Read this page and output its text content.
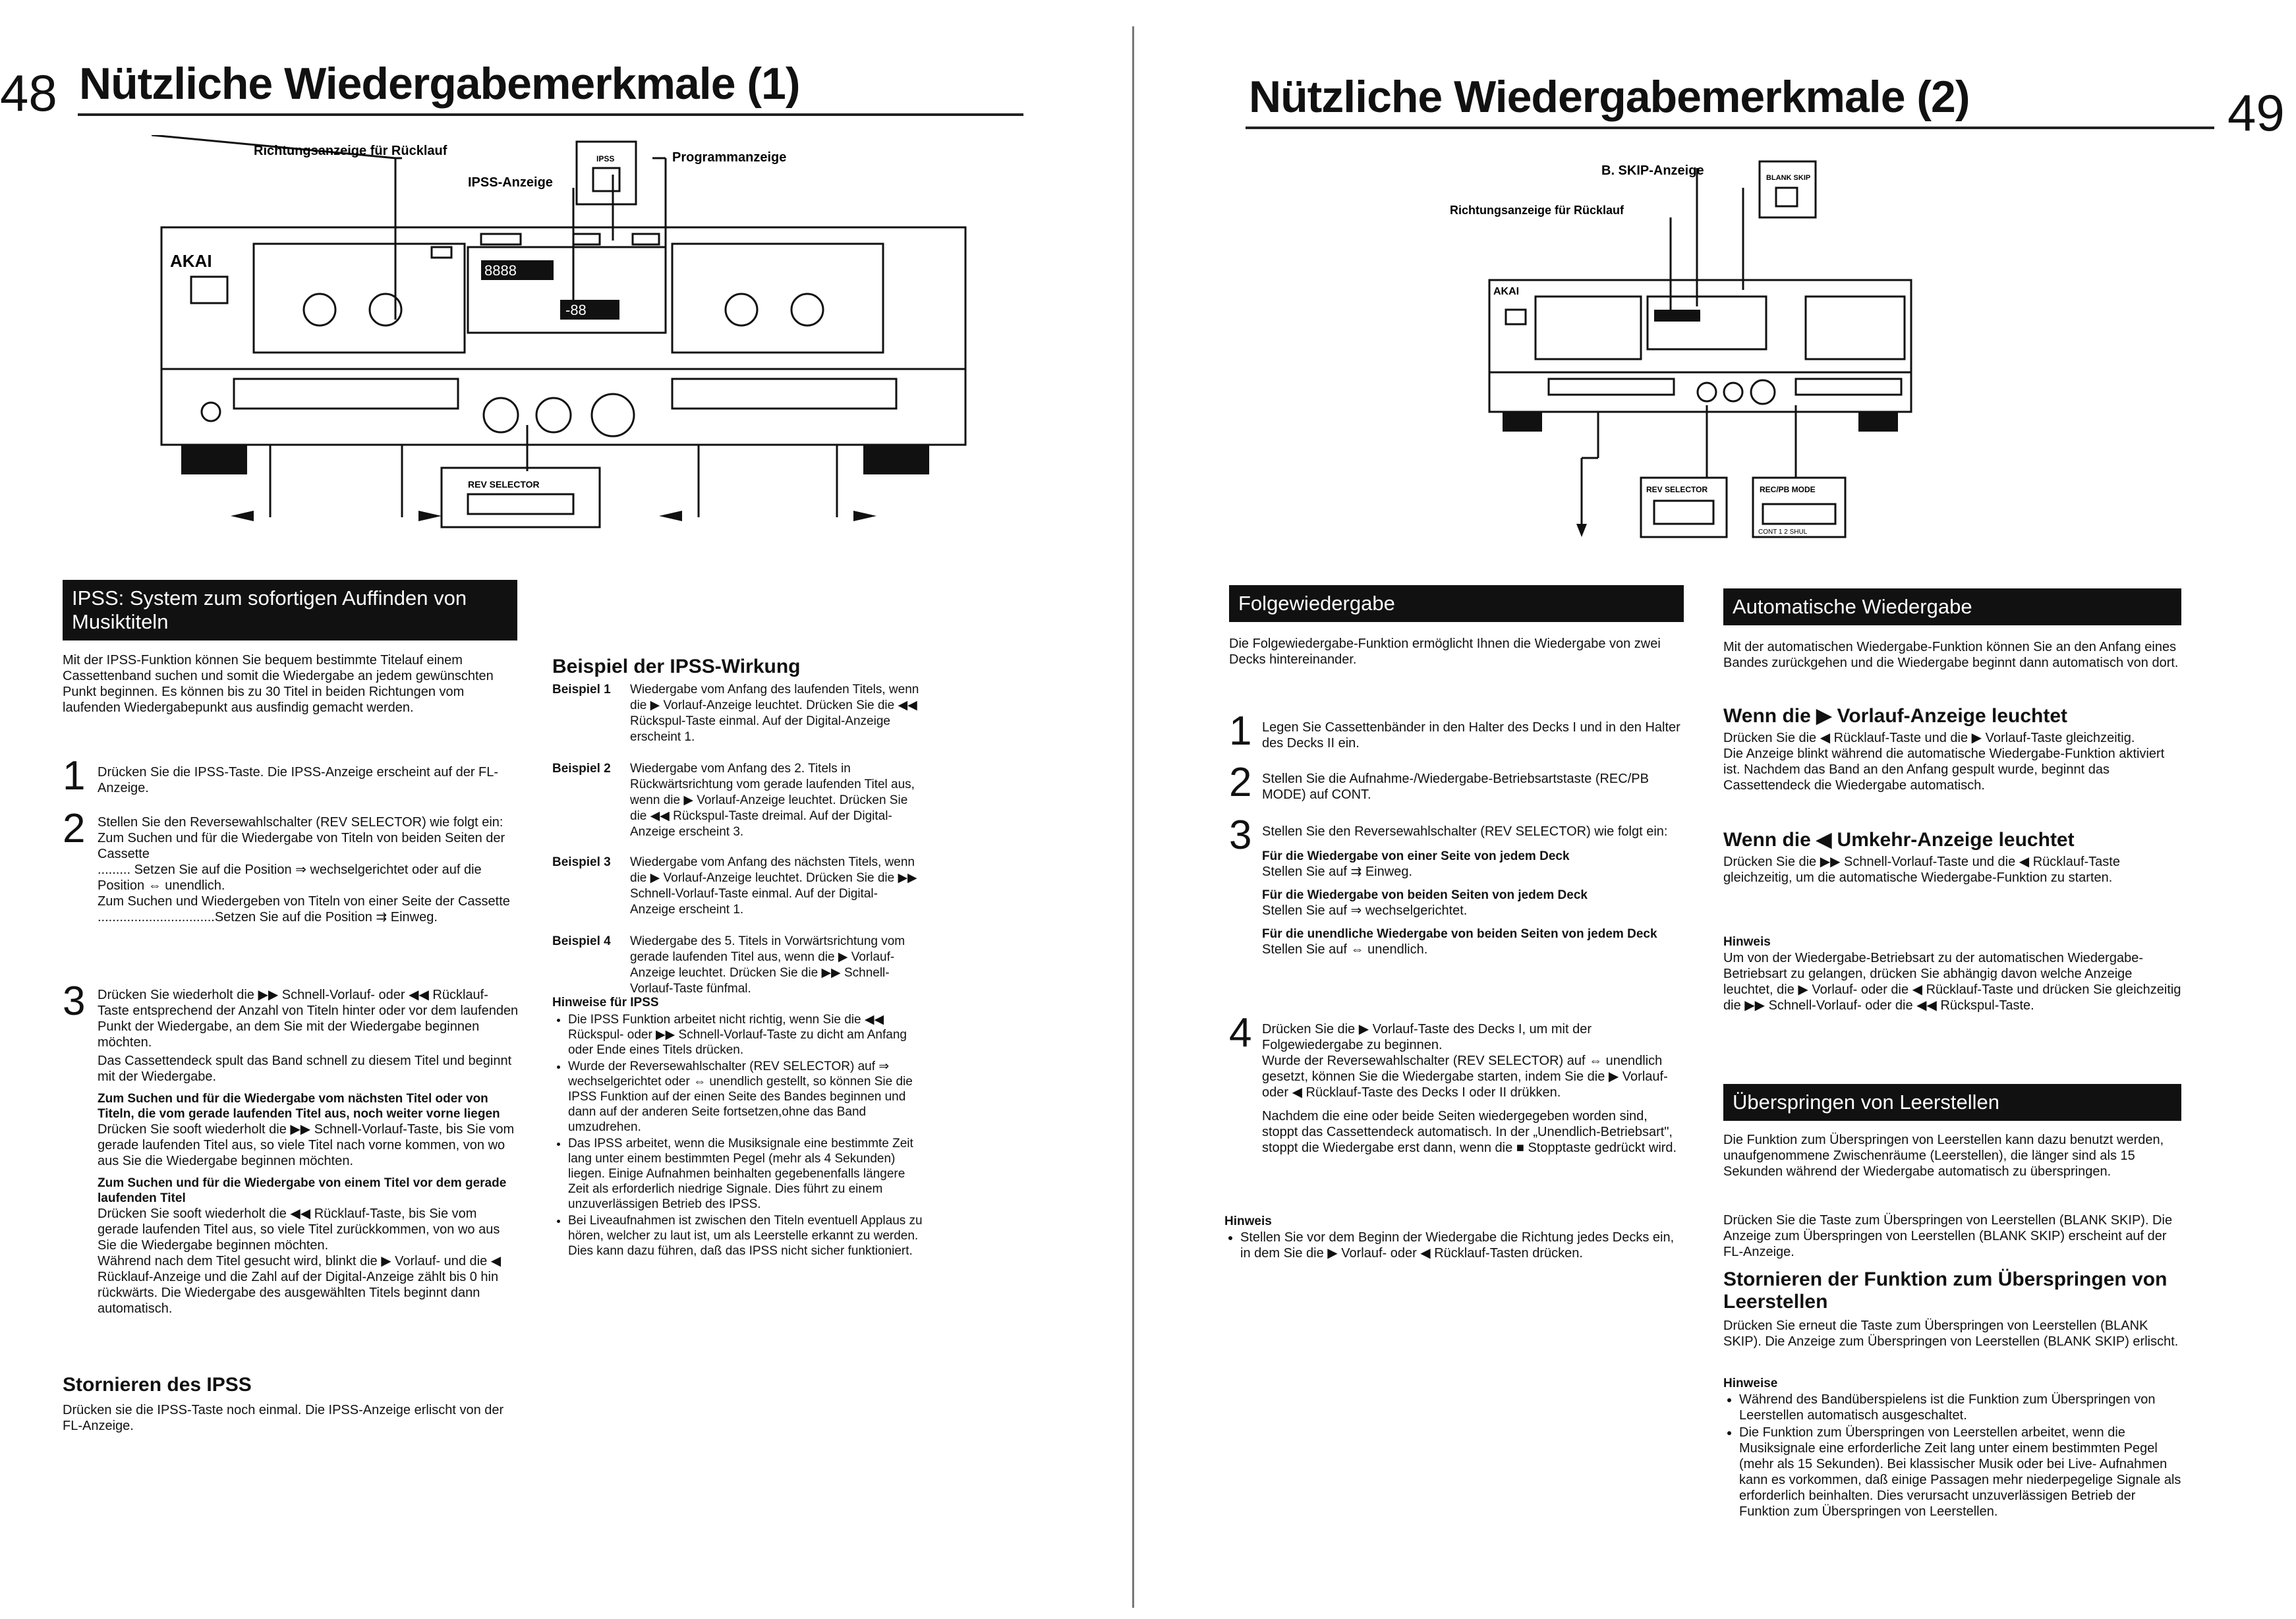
48 Nützliche Wiedergabemerkmale (1)
AKAI	8888
-88
Richtungsanzeige für Rücklauf
IPSS-Anzeige
Programmanzeige
IPSS
REV SELECTOR
IPSS: System zum sofortigen Auffinden von Musiktiteln
Mit der IPSS-Funktion können Sie bequem bestimmte Titelauf einem Cassettenband suchen und somit die Wiedergabe an jedem gewünschten Punkt beginnen. Es können bis zu 30 Titel in beiden Richtungen vom laufenden Wiedergabepunkt aus ausfindig gemacht werden.
1 Drücken Sie die IPSS-Taste. Die IPSS-Anzeige erscheint auf der FL-Anzeige.
2 Stellen Sie den Reversewahlschalter (REV SELECTOR) wie folgt ein:

Zum Suchen und für die Wiedergabe von Titeln von beiden Seiten der Cassette

......... Setzen Sie auf die Position ⇒ wechselgerichtet oder auf die Position ⇔ unendlich.

Zum Suchen und Wiedergeben von Titeln von einer Seite der Cassette

................................Setzen Sie auf die Position ⇉ Einweg.

3 Drücken Sie wiederholt die ▶▶ Schnell-Vorlauf- oder ◀◀ Rücklauf-Taste entsprechend der Anzahl von Titeln hinter oder vor dem laufenden Punkt der Wiedergabe, an dem Sie mit der Wiedergabe beginnen möchten.

Das Cassettendeck spult das Band schnell zu diesem Titel und beginnt mit der Wiedergabe.

Zum Suchen und für die Wiedergabe vom nächsten Titel oder von Titeln, die vom gerade laufenden Titel aus, noch weiter vorne liegen

Drücken Sie sooft wiederholt die ▶▶ Schnell-Vorlauf-Taste, bis Sie vom gerade laufenden Titel aus, so viele Titel nach vorne kommen, von wo aus Sie die Wiedergabe beginnen möchten.

Zum Suchen und für die Wiedergabe von einem Titel vor dem gerade laufenden Titel

Drücken Sie sooft wiederholt die ◀◀ Rücklauf-Taste, bis Sie vom gerade laufenden Titel aus, so viele Titel zurückkommen, von wo aus Sie die Wiedergabe beginnen möchten.

Während nach dem Titel gesucht wird, blinkt die ▶ Vorlauf- und die ◀ Rücklauf-Anzeige und die Zahl auf der Digital-Anzeige zählt bis 0 hin rückwärts. Die Wiedergabe des ausgewählten Titels beginnt dann automatisch.

Stornieren des IPSS
Drücken sie die IPSS-Taste noch einmal. Die IPSS-Anzeige erlischt von der FL-Anzeige.
Beispiel der IPSS-Wirkung
Beispiel 1	Wiedergabe vom Anfang des laufenden Titels, wenn die ▶ Vorlauf-Anzeige leuchtet. Drücken Sie die ◀◀ Rückspul-Taste einmal. Auf der Digital-Anzeige erscheint 1.
Beispiel 2	Wiedergabe vom Anfang des 2. Titels in Rückwärtsrichtung vom gerade laufenden Titel aus, wenn die ▶ Vorlauf-Anzeige leuchtet. Drücken Sie die ◀◀ Rückspul-Taste dreimal. Auf der Digital-Anzeige erscheint 3.
Beispiel 3	Wiedergabe vom Anfang des nächsten Titels, wenn die ▶ Vorlauf-Anzeige leuchtet. Drücken Sie die ▶▶ Schnell-Vorlauf-Taste einmal. Auf der Digital-Anzeige erscheint 1.
Beispiel 4	Wiedergabe des 5. Titels in Vorwärtsrichtung vom gerade laufenden Titel aus, wenn die ▶ Vorlauf-Anzeige leuchtet. Drücken Sie die ▶▶ Schnell-Vorlauf-Taste fünfmal.
Hinweise für IPSS
• Die IPSS Funktion arbeitet nicht richtig, wenn Sie die ◀◀ Rückspul- oder ▶▶ Schnell-Vorlauf-Taste zu dicht am Anfang oder Ende eines Titels drücken.
• Wurde der Reversewahlschalter (REV SELECTOR) auf ⇒ wechselgerichtet oder ⇔ unendlich gestellt, so können Sie die IPSS Funktion auf der einen Seite des Bandes beginnen und dann auf der anderen Seite fortsetzen,ohne das Band umzudrehen.
• Das IPSS arbeitet, wenn die Musiksignale eine bestimmte Zeit lang unter einem bestimmten Pegel (mehr als 4 Sekunden) liegen. Einige Aufnahmen beinhalten gegebenenfalls längere Zeit als erforderlich niedrige Signale. Dies führt zu einem unzuverlässigen Betrieb des IPSS.
• Bei Liveaufnahmen ist zwischen den Titeln eventuell Applaus zu hören, welcher zu laut ist, um als Leerstelle erkannt zu werden. Dies kann dazu führen, daß das IPSS nicht sicher funktioniert.
Nützliche Wiedergabemerkmale (2)	49
AKAI
B. SKIP-Anzeige
Richtungsanzeige für Rücklauf
BLANK SKIP
REV SELECTOR	REC/PB MODE
CONT 1 2 SHUL
Folgewiedergabe
Die Folgewiedergabe-Funktion ermöglicht Ihnen die Wiedergabe von zwei Decks hintereinander.
1 Legen Sie Cassettenbänder in den Halter des Decks I und in den Halter des Decks II ein.
2 Stellen Sie die Aufnahme-/Wiedergabe-Betriebsartstaste (REC/PB MODE) auf CONT.
3 Stellen Sie den Reversewahlschalter (REV SELECTOR) wie folgt ein:

Für die Wiedergabe von einer Seite von jedem Deck

Stellen Sie auf ⇉ Einweg.

Für die Wiedergabe von beiden Seiten von jedem Deck

Stellen Sie auf ⇒ wechselgerichtet.

Für die unendliche Wiedergabe von beiden Seiten von jedem Deck

Stellen Sie auf ⇔ unendlich.

4 Drücken Sie die ▶ Vorlauf-Taste des Decks I, um mit der Folgewiedergabe zu beginnen.

Wurde der Reversewahlschalter (REV SELECTOR) auf ⇔ unendlich gesetzt, können Sie die Wiedergabe starten, indem Sie die ▶ Vorlauf- oder ◀ Rücklauf-Taste des Decks I oder II drükken.

Nachdem die eine oder beide Seiten wiedergegeben worden sind, stoppt das Cassettendeck automatisch. In der „Unendlich-Betriebsart", stoppt die Wiedergabe erst dann, wenn die ■ Stopptaste gedrückt wird.

Hinweis
• Stellen Sie vor dem Beginn der Wiedergabe die Richtung jedes Decks ein, in dem Sie die ▶ Vorlauf- oder ◀ Rücklauf-Tasten drücken.
Automatische Wiedergabe
Mit der automatischen Wiedergabe-Funktion können Sie an den Anfang eines Bandes zurückgehen und die Wiedergabe beginnt dann automatisch von dort.
Wenn die ▶ Vorlauf-Anzeige leuchtet

Drücken Sie die ◀ Rücklauf-Taste und die ▶ Vorlauf-Taste gleichzeitig.

Die Anzeige blinkt während die automatische Wiedergabe-Funktion aktiviert ist. Nachdem das Band an den Anfang gespult wurde, beginnt das Cassettendeck die Wiedergabe automatisch.

Wenn die ◀ Umkehr-Anzeige leuchtet
Drücken Sie die ▶▶ Schnell-Vorlauf-Taste und die ◀ Rücklauf-Taste gleichzeitig, um die automatische Wiedergabe-Funktion zu starten.
Hinweis
Um von der Wiedergabe-Betriebsart zu der automatischen Wiedergabe-Betriebsart zu gelangen, drücken Sie abhängig davon welche Anzeige leuchtet, die ▶ Vorlauf- oder die ◀ Rücklauf-Taste und drücken Sie gleichzeitig die ▶▶ Schnell-Vorlauf- oder die ◀◀ Rückspul-Taste.
Überspringen von Leerstellen
Die Funktion zum Überspringen von Leerstellen kann dazu benutzt werden, unaufgenommene Zwischenräume (Leerstellen), die länger sind als 15 Sekunden während der Wiedergabe automatisch zu überspringen.
Drücken Sie die Taste zum Überspringen von Leerstellen (BLANK SKIP). Die Anzeige zum Überspringen von Leerstellen (BLANK SKIP) erscheint auf der FL-Anzeige.
Stornieren der Funktion zum Überspringen von Leerstellen
Drücken Sie erneut die Taste zum Überspringen von Leerstellen (BLANK SKIP). Die Anzeige zum Überspringen von Leerstellen (BLANK SKIP) erlischt.
Hinweise
• Während des Bandüberspielens ist die Funktion zum Überspringen von Leerstellen automatisch ausgeschaltet.
• Die Funktion zum Überspringen von Leerstellen arbeitet, wenn die Musiksignale eine erforderliche Zeit lang unter einem bestimmten Pegel (mehr als 15 Sekunden). Bei klassischer Musik oder bei Live- Aufnahmen kann es vorkommen, daß einige Passagen mehr niederpegelige Signale als erforderlich beinhalten. Dies verursacht unzuverlässigen Betrieb der Funktion zum Überspringen von Leerstellen.
